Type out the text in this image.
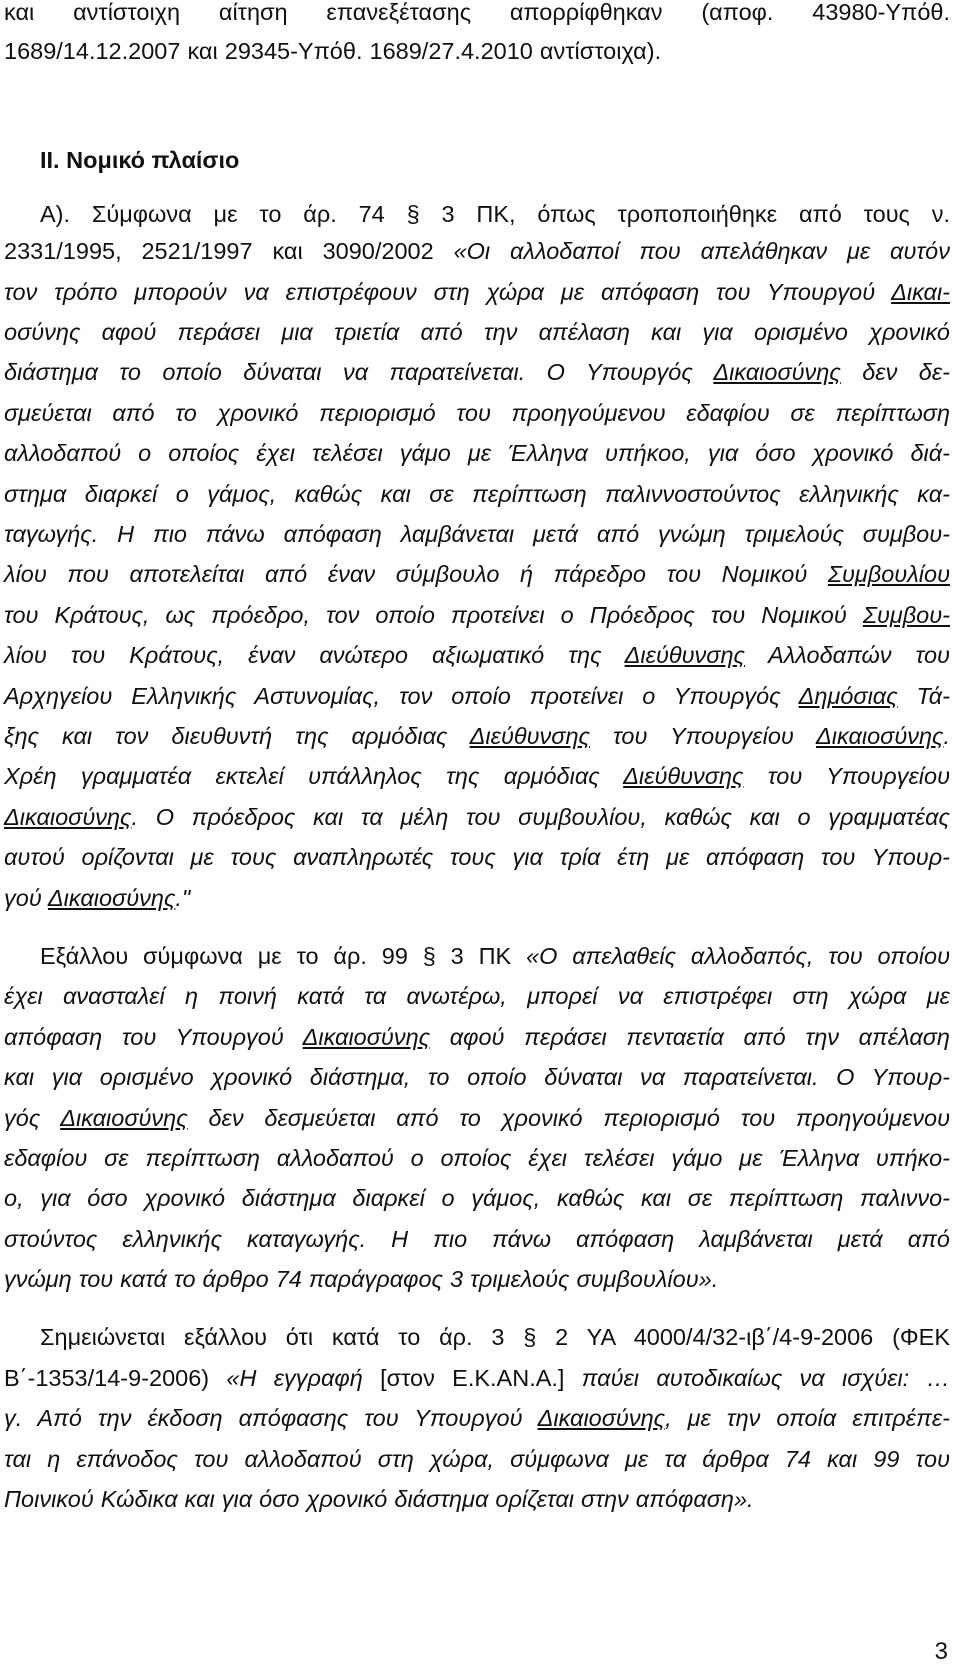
και αντίστοιχη αίτηση επανεξέτασης απορρίφθηκαν (αποφ. 43980-Υπόθ.
1689/14.12.2007 και 29345-Υπόθ. 1689/27.4.2010 αντίστοιχα).
II. Νομικό πλαίσιο
Α). Σύμφωνα με το άρ. 74 § 3 ΠΚ, όπως τροποποιήθηκε από τους ν.
2331/1995, 2521/1997 και 3090/2002 «Οι αλλοδαποί που απελάθηκαν με αυτόν
τον τρόπο μπορούν να επιστρέφουν στη χώρα με απόφαση του Υπουργού Δικαι-
οσύνης αφού περάσει μια τριετία από την απέλαση και για ορισμένο χρονικό
διάστημα το οποίο δύναται να παρατείνεται. Ο Υπουργός Δικαιοσύνης δεν δε-
σμεύεται από το χρονικό περιορισμό του προηγούμενου εδαφίου σε περίπτωση
αλλοδαπού ο οποίος έχει τελέσει γάμο με Έλληνα υπήκοο, για όσο χρονικό διά-
στημα διαρκεί ο γάμος, καθώς και σε περίπτωση παλιννοστούντος ελληνικής κα-
ταγωγής. Η πιο πάνω απόφαση λαμβάνεται μετά από γνώμη τριμελούς συμβου-
λίου που αποτελείται από έναν σύμβουλο ή πάρεδρο του Νομικού Συμβουλίου
του Κράτους, ως πρόεδρο, τον οποίο προτείνει ο Πρόεδρος του Νομικού Συμβου-
λίου του Κράτους, έναν ανώτερο αξιωματικό της Διεύθυνσης Αλλοδαπών του
Αρχηγείου Ελληνικής Αστυνομίας, τον οποίο προτείνει ο Υπουργός Δημόσιας Τά-
ξης και τον διευθυντή της αρμόδιας Διεύθυνσης του Υπουργείου Δικαιοσύνης.
Χρέη γραμματέα εκτελεί υπάλληλος της αρμόδιας Διεύθυνσης του Υπουργείου
Δικαιοσύνης. Ο πρόεδρος και τα μέλη του συμβουλίου, καθώς και ο γραμματέας
αυτού ορίζονται με τους αναπληρωτές τους για τρία έτη με απόφαση του Υπουρ-
γού Δικαιοσύνης."
Εξάλλου σύμφωνα με το άρ. 99 § 3 ΠΚ «Ο απελαθείς αλλοδαπός, του οποίου
έχει ανασταλεί η ποινή κατά τα ανωτέρω, μπορεί να επιστρέφει στη χώρα με
απόφαση του Υπουργού Δικαιοσύνης αφού περάσει πενταετία από την απέλαση
και για ορισμένο χρονικό διάστημα, το οποίο δύναται να παρατείνεται. Ο Υπουρ-
γός Δικαιοσύνης δεν δεσμεύεται από το χρονικό περιορισμό του προηγούμενου
εδαφίου σε περίπτωση αλλοδαπού ο οποίος έχει τελέσει γάμο με Έλληνα υπήκο-
ο, για όσο χρονικό διάστημα διαρκεί ο γάμος, καθώς και σε περίπτωση παλιννο-
στούντος ελληνικής καταγωγής. Η πιο πάνω απόφαση λαμβάνεται μετά από
γνώμη του κατά το άρθρο 74 παράγραφος 3 τριμελούς συμβουλίου».
Σημειώνεται εξάλλου ότι κατά το άρ. 3 § 2 ΥΑ 4000/4/32-ιβ΄/4-9-2006 (ΦΕΚ
Β΄-1353/14-9-2006) «Η εγγραφή [στον Ε.Κ.ΑΝ.Α.] παύει αυτοδικαίως να ισχύει: …
γ. Από την έκδοση απόφασης του Υπουργού Δικαιοσύνης, με την οποία επιτρέπε-
ται η επάνοδος του αλλοδαπού στη χώρα, σύμφωνα με τα άρθρα 74 και 99 του
Ποινικού Κώδικα και για όσο χρονικό διάστημα ορίζεται στην απόφαση».
3
